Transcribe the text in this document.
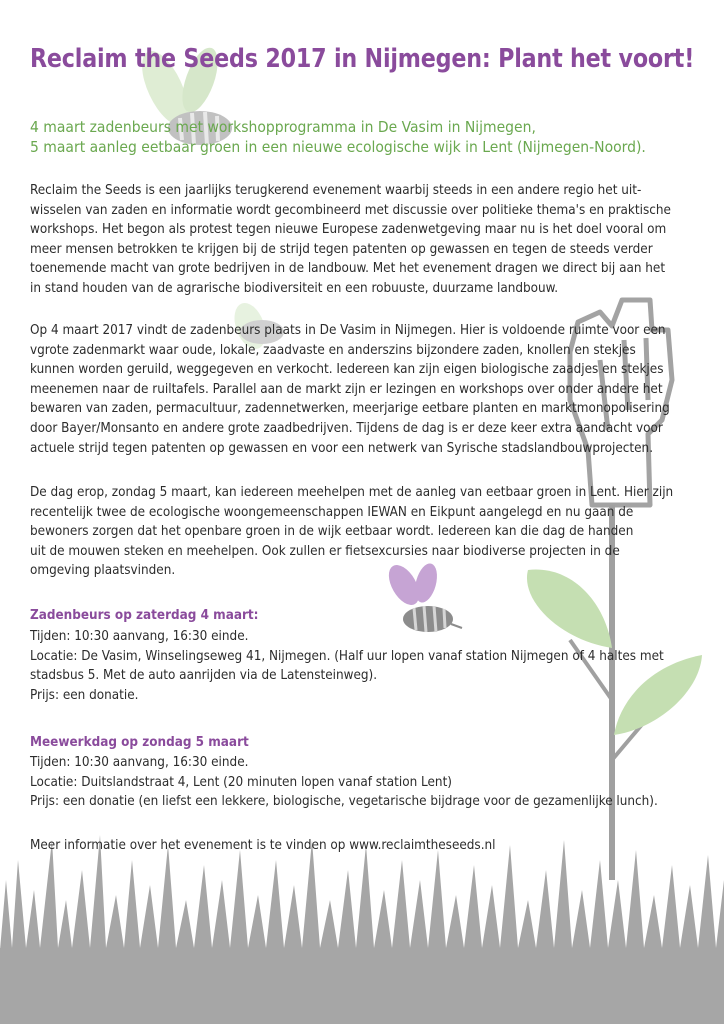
Reclaim the Seeds 2017 in Nijmegen: Plant het voort!
4 maart zadenbeurs met workshopprogramma in De Vasim in Nijmegen,
5 maart aanleg eetbaar groen in een nieuwe ecologische wijk in Lent (Nijmegen-Noord).
Reclaim the Seeds is een jaarlijks terugkerend evenement waarbij steeds in een andere regio het uit-
wisselen van zaden en informatie wordt gecombineerd met discussie over politieke thema's en praktische
workshops. Het begon als protest tegen nieuwe Europese zadenwetgeving maar nu is het doel vooral om
meer mensen betrokken te krijgen bij de strijd tegen patenten op gewassen en tegen de steeds verder
toenemende macht van grote bedrijven in de landbouw. Met het evenement dragen we direct bij aan het
in stand houden van de agrarische biodiversiteit en een robuuste, duurzame landbouw.
Op 4 maart 2017 vindt de zadenbeurs plaats in De Vasim in Nijmegen. Hier is voldoende ruimte voor een
vgrote zadenmarkt waar oude, lokale, zaadvaste en anderszins bijzondere zaden, knollen en stekjes
kunnen worden geruild, weggegeven en verkocht. Iedereen kan zijn eigen biologische zaadjes en stekjes
meenemen naar de ruiltafels. Parallel aan de markt zijn er lezingen en workshops over onder andere het
bewaren van zaden, permacultuur, zadennetwerken, meerjarige eetbare planten en marktmonopolisering
door Bayer/Monsanto en andere grote zaadbedrijven. Tijdens de dag is er deze keer extra aandacht voor
actuele strijd tegen patenten op gewassen en voor een netwerk van Syrische stadslandbouwprojecten.
De dag erop, zondag 5 maart, kan iedereen meehelpen met de aanleg van eetbaar groen in Lent. Hier zijn
recentelijk twee de ecologische woongemeenschappen IEWAN en Eikpunt aangelegd en nu gaan de
bewoners zorgen dat het openbare groen in de wijk eetbaar wordt. Iedereen kan die dag de handen
uit de mouwen steken en meehelpen. Ook zullen er fietsexcursies naar biodiverse projecten in de
omgeving plaatsvinden.
Zadenbeurs op zaterdag 4 maart:
Tijden: 10:30 aanvang, 16:30 einde.
Locatie: De Vasim, Winselingseweg 41, Nijmegen. (Half uur lopen vanaf station Nijmegen of 4 haltes met
stadsbus 5. Met de auto aanrijden via de Latensteinweg).
Prijs: een donatie.
Meewerkdag op zondag 5 maart
Tijden: 10:30 aanvang, 16:30 einde.
Locatie: Duitslandstraat 4, Lent (20 minuten lopen vanaf station Lent)
Prijs: een donatie (en liefst een lekkere, biologische, vegetarische bijdrage voor de gezamenlijke lunch).
Meer informatie over het evenement is te vinden op www.reclaimtheseeds.nl
